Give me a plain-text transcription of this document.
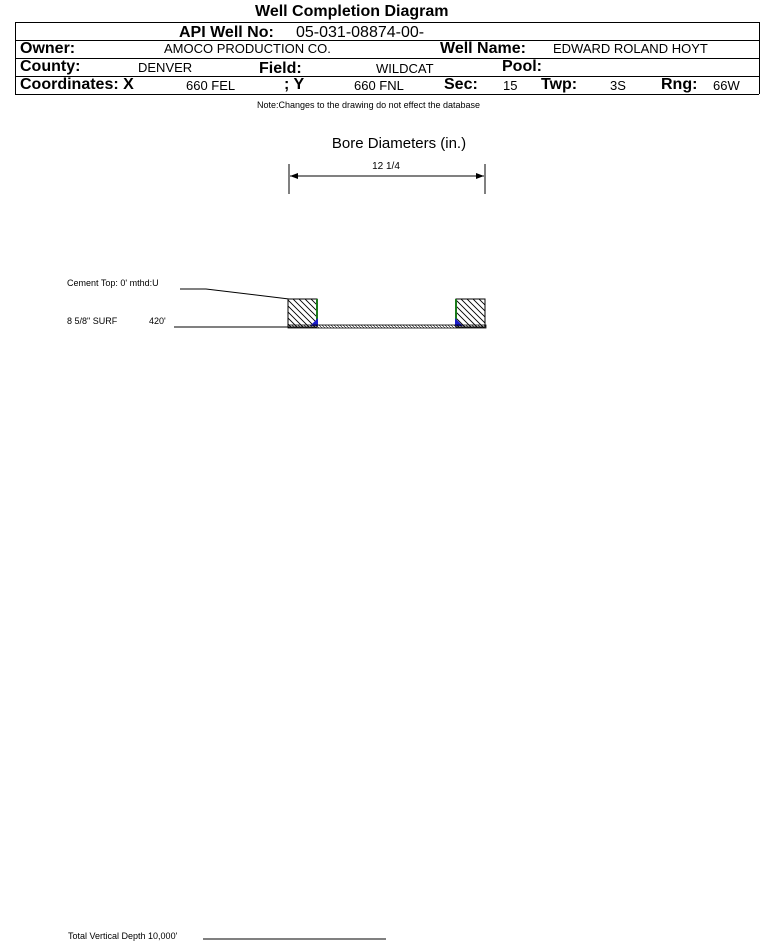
Well Completion Diagram
API Well No: 05-031-08874-00-
Owner:	AMOCO PRODUCTION CO.	Well Name: EDWARD ROLAND HOYT
County:	DENVER	Field:	WILDCAT	Pool:
Coordinates: X	660 FEL	; Y	660 FNL	Sec: 15 Twp:	3S Rng: 66W
Note:Changes to the drawing do not effect the database
Bore Diameters (in.)
12 1/4
Cement Top: 0' mthd:U
8 5/8" SURF	420'
Total Vertical Depth 10,000'
